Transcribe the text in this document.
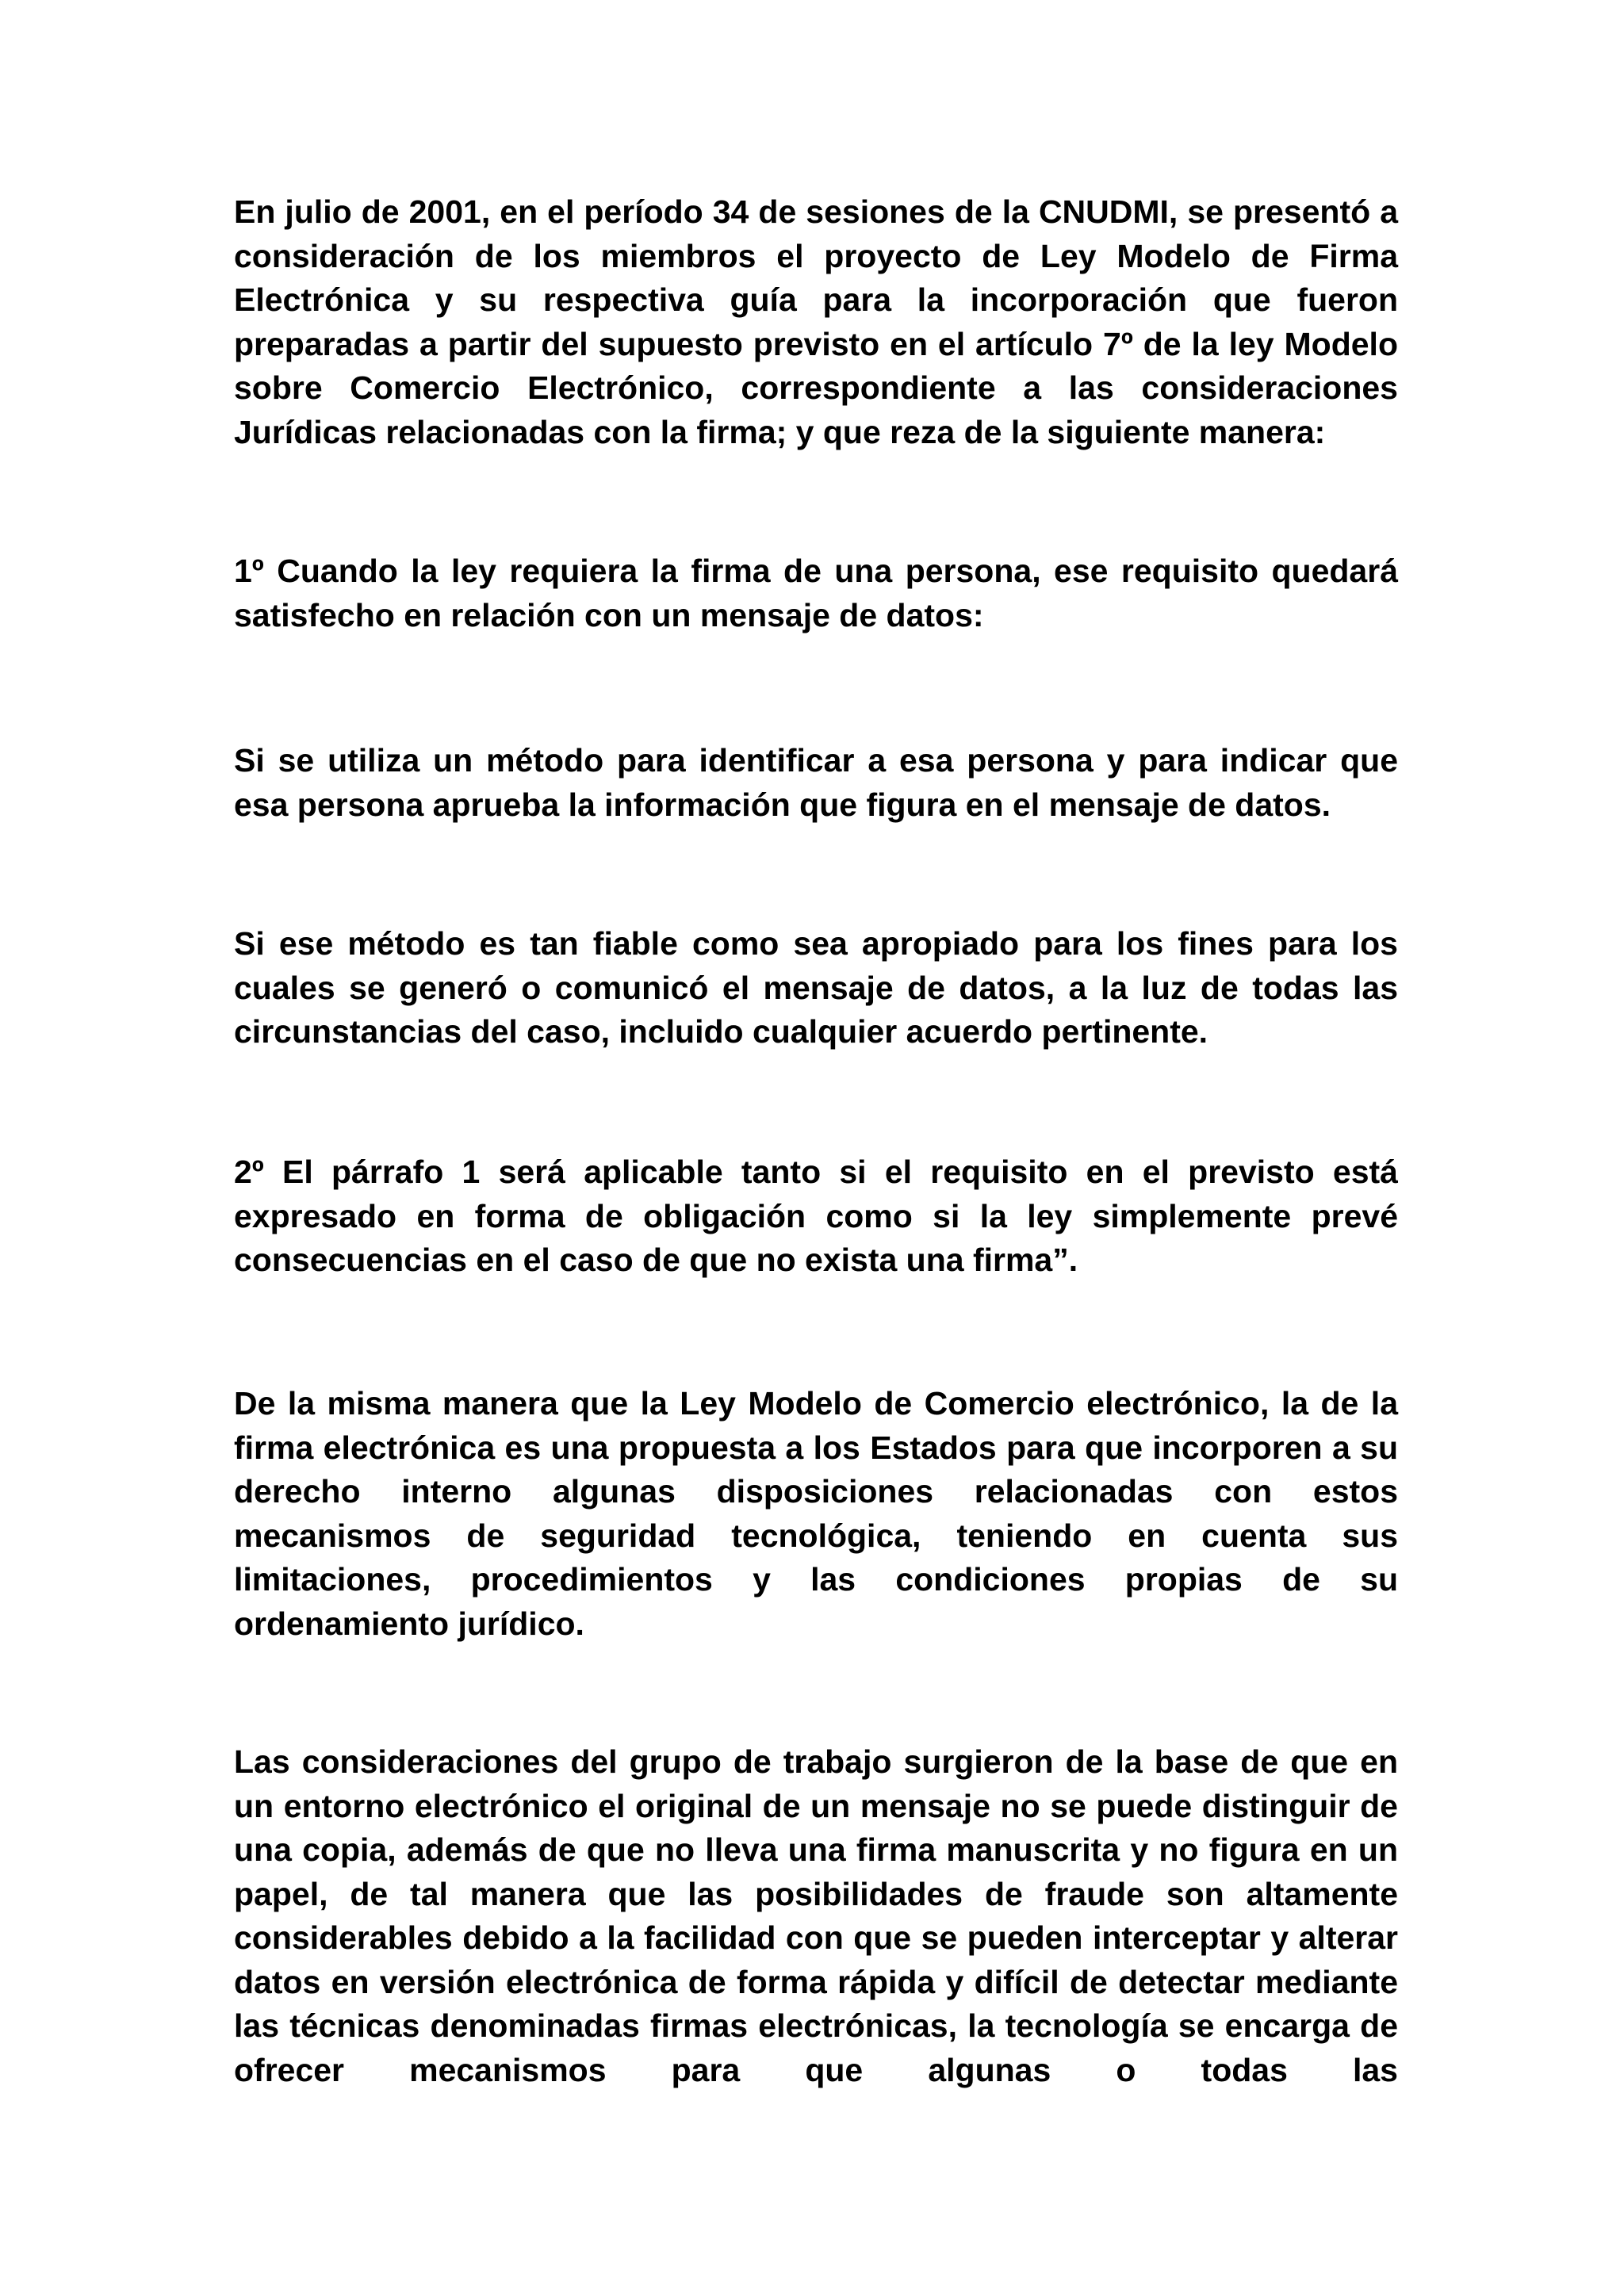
En julio de 2001, en el período 34 de sesiones de la CNUDMI, se presentó a consideración de los miembros el proyecto de Ley Modelo de Firma Electrónica y su respectiva guía para la incorporación que fueron preparadas a partir del supuesto previsto en el artículo 7º de la ley Modelo sobre Comercio Electrónico, correspondiente a las consideraciones Jurídicas relacionadas con la firma; y que reza de la siguiente manera:

1º Cuando la ley requiera la firma de una persona, ese requisito quedará satisfecho en relación con un mensaje de datos:

Si se utiliza un método para identificar a esa persona y para indicar que esa persona aprueba la información que figura en el mensaje de datos.

Si ese método es tan fiable como sea apropiado para los fines para los cuales se generó o comunicó el mensaje de datos, a la luz de todas las circunstancias del caso, incluido cualquier acuerdo pertinente.

2º El párrafo 1 será aplicable tanto si el requisito en el previsto está expresado en forma de obligación como si la ley simplemente prevé consecuencias en el caso de que no exista una firma”.

De la misma manera que la Ley Modelo de Comercio electrónico, la de la firma electrónica es una propuesta a los Estados para que incorporen a su derecho interno algunas disposiciones relacionadas con estos mecanismos de seguridad tecnológica, teniendo en cuenta sus limitaciones, procedimientos y las condiciones propias de su ordenamiento jurídico.

Las consideraciones del grupo de trabajo surgieron de la base de que en un entorno electrónico el original de un mensaje no se puede distinguir de una copia, además de que no lleva una firma manuscrita y no figura en un papel, de tal manera que las posibilidades de fraude son altamente considerables debido a la facilidad con que se pueden interceptar y alterar datos en versión electrónica de forma rápida y difícil de detectar mediante las técnicas denominadas firmas electrónicas, la tecnología se encarga de ofrecer mecanismos para que algunas o todas las
